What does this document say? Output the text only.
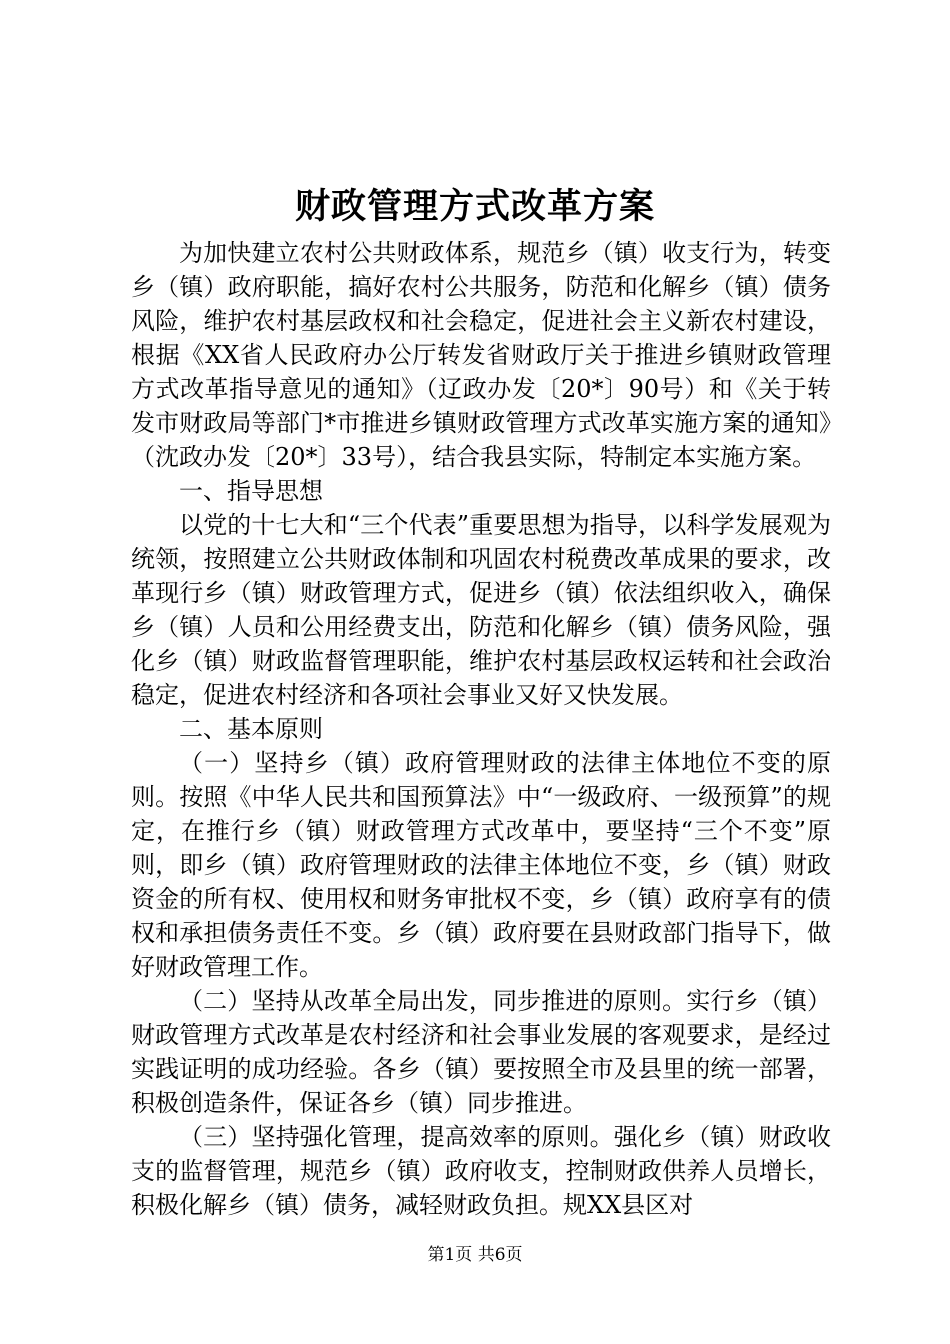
财政管理方式改革方案

为加快建立农村公共财政体系，规范乡（镇）收支行为，转变乡（镇）政府职能，搞好农村公共服务，防范和化解乡（镇）债务风险，维护农村基层政权和社会稳定，促进社会主义新农村建设，根据《XX省人民政府办公厅转发省财政厅关于推进乡镇财政管理方式改革指导意见的通知》（辽政办发〔20*〕90号）和《关于转发市财政局等部门*市推进乡镇财政管理方式改革实施方案的通知》（沈政办发〔20*〕33号），结合我县实际，特制定本实施方案。

一、指导思想

以党的十七大和“三个代表”重要思想为指导，以科学发展观为统领，按照建立公共财政体制和巩固农村税费改革成果的要求，改革现行乡（镇）财政管理方式，促进乡（镇）依法组织收入，确保乡（镇）人员和公用经费支出，防范和化解乡（镇）债务风险，强化乡（镇）财政监督管理职能，维护农村基层政权运转和社会政治稳定，促进农村经济和各项社会事业又好又快发展。

二、基本原则

（一）坚持乡（镇）政府管理财政的法律主体地位不变的原则。按照《中华人民共和国预算法》中“一级政府、一级预算”的规定，在推行乡（镇）财政管理方式改革中，要坚持“三个不变”原则，即乡（镇）政府管理财政的法律主体地位不变，乡（镇）财政资金的所有权、使用权和财务审批权不变，乡（镇）政府享有的债权和承担债务责任不变。乡（镇）政府要在县财政部门指导下，做好财政管理工作。

（二）坚持从改革全局出发，同步推进的原则。实行乡（镇）财政管理方式改革是农村经济和社会事业发展的客观要求，是经过实践证明的成功经验。各乡（镇）要按照全市及县里的统一部署，积极创造条件，保证各乡（镇）同步推进。

（三）坚持强化管理，提高效率的原则。强化乡（镇）财政收支的监督管理，规范乡（镇）政府收支，控制财政供养人员增长，积极化解乡（镇）债务，减轻财政负担。规XX县区对

第1页 共6页
